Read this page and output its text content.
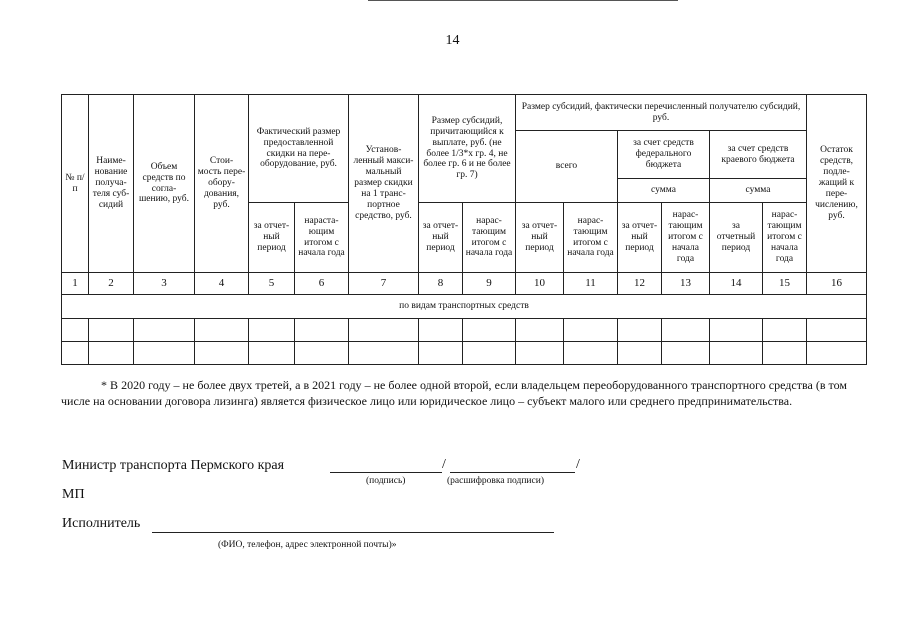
14
№ п/п	Наиме- нование получа- теля суб- сидий	Объем средств по согла- шению, руб.	Стои- мость пере- обору- дования, руб.	Фактический размер предоставленной скидки на пере- оборудование, руб.		Установ- ленный макси- мальный размер скидки на 1 транс- портное средство, руб.	Размер субсидий, причитающийся к выплате, руб. (не более 1/3*х гр. 4, не более гр. 6 и не более гр. 7)		Размер субсидий, фактически перечисленный получателю субсидий, руб.						Остаток средств, подле- жащий к пере- числению, руб.
									всего		за счет средств федерального бюджета		за счет средств краевого бюджета		
											сумма		сумма		
				за отчет- ный период	нараста- ющим итогом с начала года		за отчет- ный период	нарас- тающим итогом с начала года	за отчет- ный период	нарас- тающим итогом с начала года	за отчет- ный период	нарас- тающим итогом с начала года	за отчетный период	нарас- тающим итогом с начала года	
1	2	3	4	5	6	7	8	9	10	11	12	13	14	15	16
по видам транспортных средств															

* В 2020 году – не более двух третей, а в 2021 году – не более одной второй, если владельцем переоборудованного транспортного средства (в том числе на основании договора лизинга) является физическое лицо или юридическое лицо – субъект малого или среднего предпринимательства.
Министр транспорта Пермского края	/	/
(подпись)	(расшифровка подписи)
МП
Исполнитель
(ФИО, телефон, адрес электронной почты)»
